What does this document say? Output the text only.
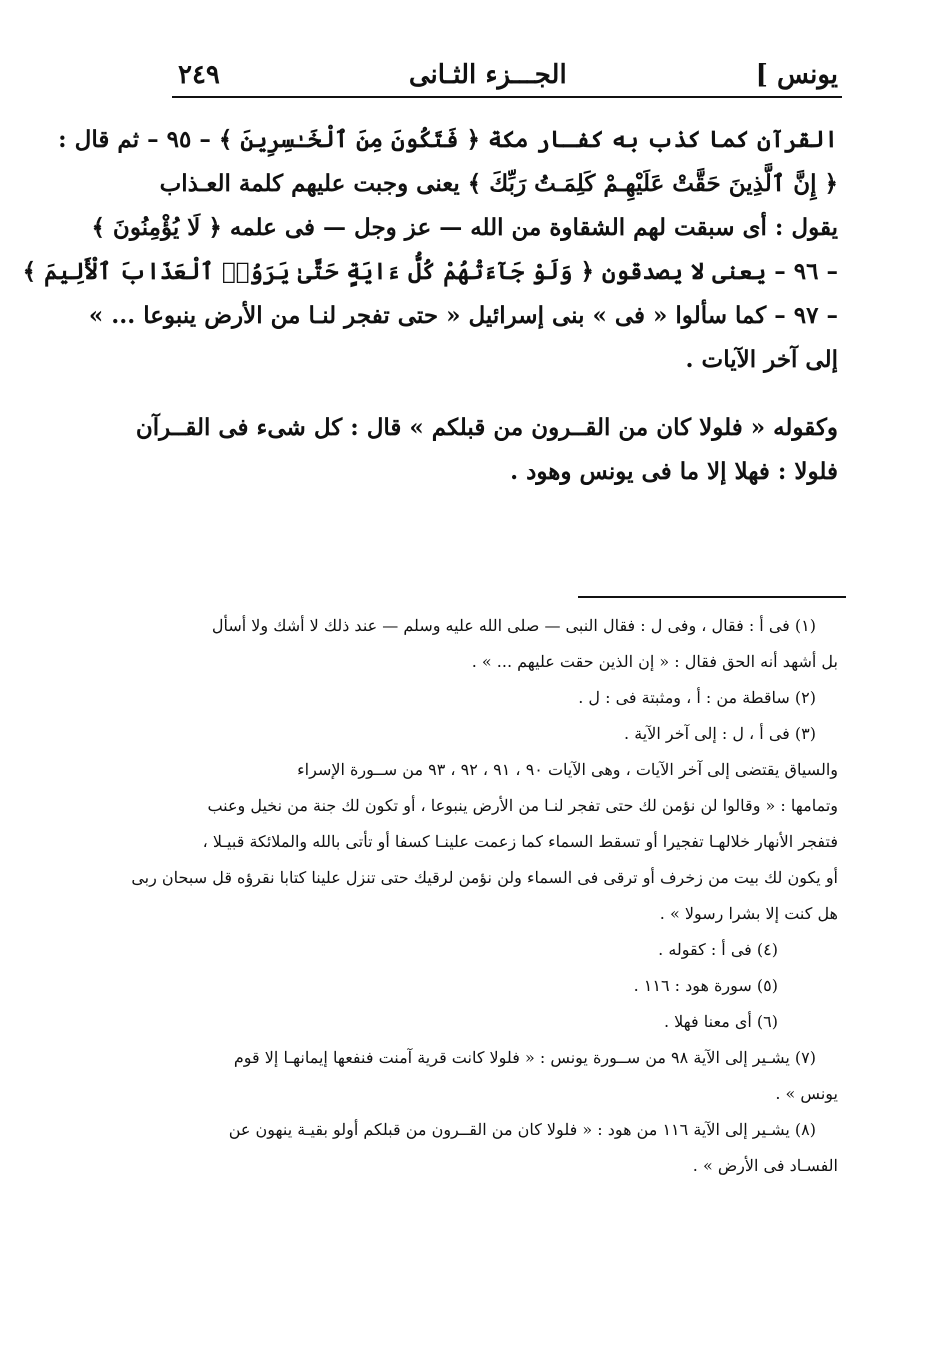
يونس ]
الجـــزء الثـانى
٢٤٩
القرآن كما كذب به كفـار مكة ﴿ فَتَكُونَ مِنَ ٱلْخَـٰسِرِينَ ﴾ – ٩٥ – ثم قال :
﴿ إِنَّ ٱلَّذِينَ حَقَّتْ عَلَيْهِـمْ كَلِمَـتُ رَبِّكَ ﴾ يعنى وجبت عليهم كلمة العـذاب
يقول : أى سبقت لهم الشقاوة من الله — عز وجل — فى علمه ﴿ لَا يُؤْمِنُونَ ﴾
– ٩٦ – يعنى لا يصدقون ﴿ وَلَوْ جَآءَتْهُمْ كُلُّ ءَايَةٍ حَتَّىٰ يَرَوُا۟ ٱلْعَذَابَ ٱلْأَلِيمَ ﴾
– ٩٧ – كما سألوا « فى » بنى إسرائيل « حتى تفجر لنـا من الأرض ينبوعا ... »
إلى آخر الآيات .
وكقوله « فلولا كان من القــرون من قبلكم » قال : كل شىء فى القــرآن
فلولا : فهلا إلا ما فى يونس وهود .
(١) فى أ : فقال ، وفى ل : فقال النبى — صلى الله عليه وسلم — عند ذلك لا أشك ولا أسأل
بل أشهد أنه الحق فقال : « إن الذين حقت عليهم ... » .
(٢) ساقطة من : أ ، ومثبتة فى : ل .
(٣) فى أ ، ل : إلى آخر الآية .
والسياق يقتضى إلى آخر الآيات ، وهى الآيات ٩٠ ، ٩١ ، ٩٢ ، ٩٣ من ســورة الإسراء
وتمامها : « وقالوا لن نؤمن لك حتى تفجر لنـا من الأرض ينبوعا ، أو تكون لك جنة من نخيل وعنب
فتفجر الأنهار خلالهـا تفجيرا أو تسقط السماء كما زعمت علينـا كسفا أو تأتى بالله والملائكة قبيـلا ،
أو يكون لك بيت من زخرف أو ترقى فى السماء ولن نؤمن لرقيك حتى تنزل علينا كتابا نقرؤه قل سبحان ربى
هل كنت إلا بشرا رسولا » .
(٤) فى أ : كقوله .
(٥) سورة هود : ١١٦ .
(٦) أى معنا فهلا .
(٧) يشـير إلى الآية ٩٨ من ســورة يونس : « فلولا كانت قرية آمنت فنفعها إيمانهـا إلا قوم
يونس » .
(٨) يشـير إلى الآية ١١٦ من هود : « فلولا كان من القــرون من قبلكم أولو بقيـة ينهون عن
الفسـاد فى الأرض » .
